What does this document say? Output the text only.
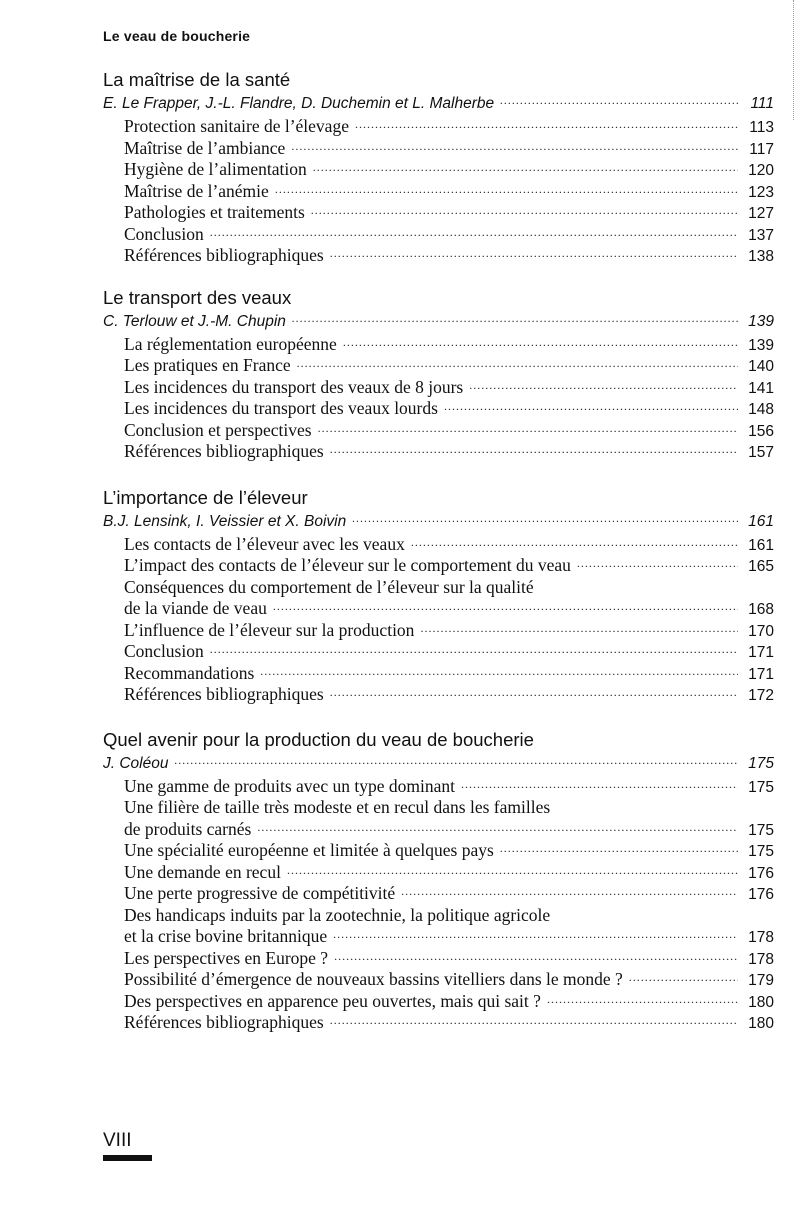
Le veau de boucherie
La maîtrise de la santé
E. Le Frapper, J.-L. Flandre, D. Duchemin et L. Malherbe . . .	111
Protection sanitaire de l’élevage . . .	113
Maîtrise de l’ambiance . . .	117
Hygiène de l’alimentation . . .	120
Maîtrise de l’anémie . . .	123
Pathologies et traitements . . .	127
Conclusion . . .	137
Références bibliographiques . . .	138
Le transport des veaux
C. Terlouw et J.-M. Chupin . . .	139
La réglementation européenne . . .	139
Les pratiques en France . . .	140
Les incidences du transport des veaux de 8 jours . . .	141
Les incidences du transport des veaux lourds . . .	148
Conclusion et perspectives . . .	156
Références bibliographiques . . .	157
L’importance de l’éleveur
B.J. Lensink, I. Veissier et X. Boivin . . .	161
Les contacts de l’éleveur avec les veaux . . .	161
L’impact des contacts de l’éleveur sur le comportement du veau . . .	165
Conséquences du comportement de l’éleveur sur la qualité
de la viande de veau . . .	168
L’influence de l’éleveur sur la production . . .	170
Conclusion . . .	171
Recommandations . . .	171
Références bibliographiques . . .	172
Quel avenir pour la production du veau de boucherie
J. Coléou . . .	175
Une gamme de produits avec un type dominant . . .	175
Une filière de taille très modeste et en recul dans les familles
de produits carnés . . .	175
Une spécialité européenne et limitée à quelques pays . . .	175
Une demande en recul . . .	176
Une perte progressive de compétitivité . . .	176
Des handicaps induits par la zootechnie, la politique agricole
et la crise bovine britannique . . .	178
Les perspectives en Europe ? . . .	178
Possibilité d’émergence de nouveaux bassins vitelliers dans le monde ? . . .	179
Des perspectives en apparence peu ouvertes, mais qui sait ? . . .	180
Références bibliographiques . . .	180
VIII
